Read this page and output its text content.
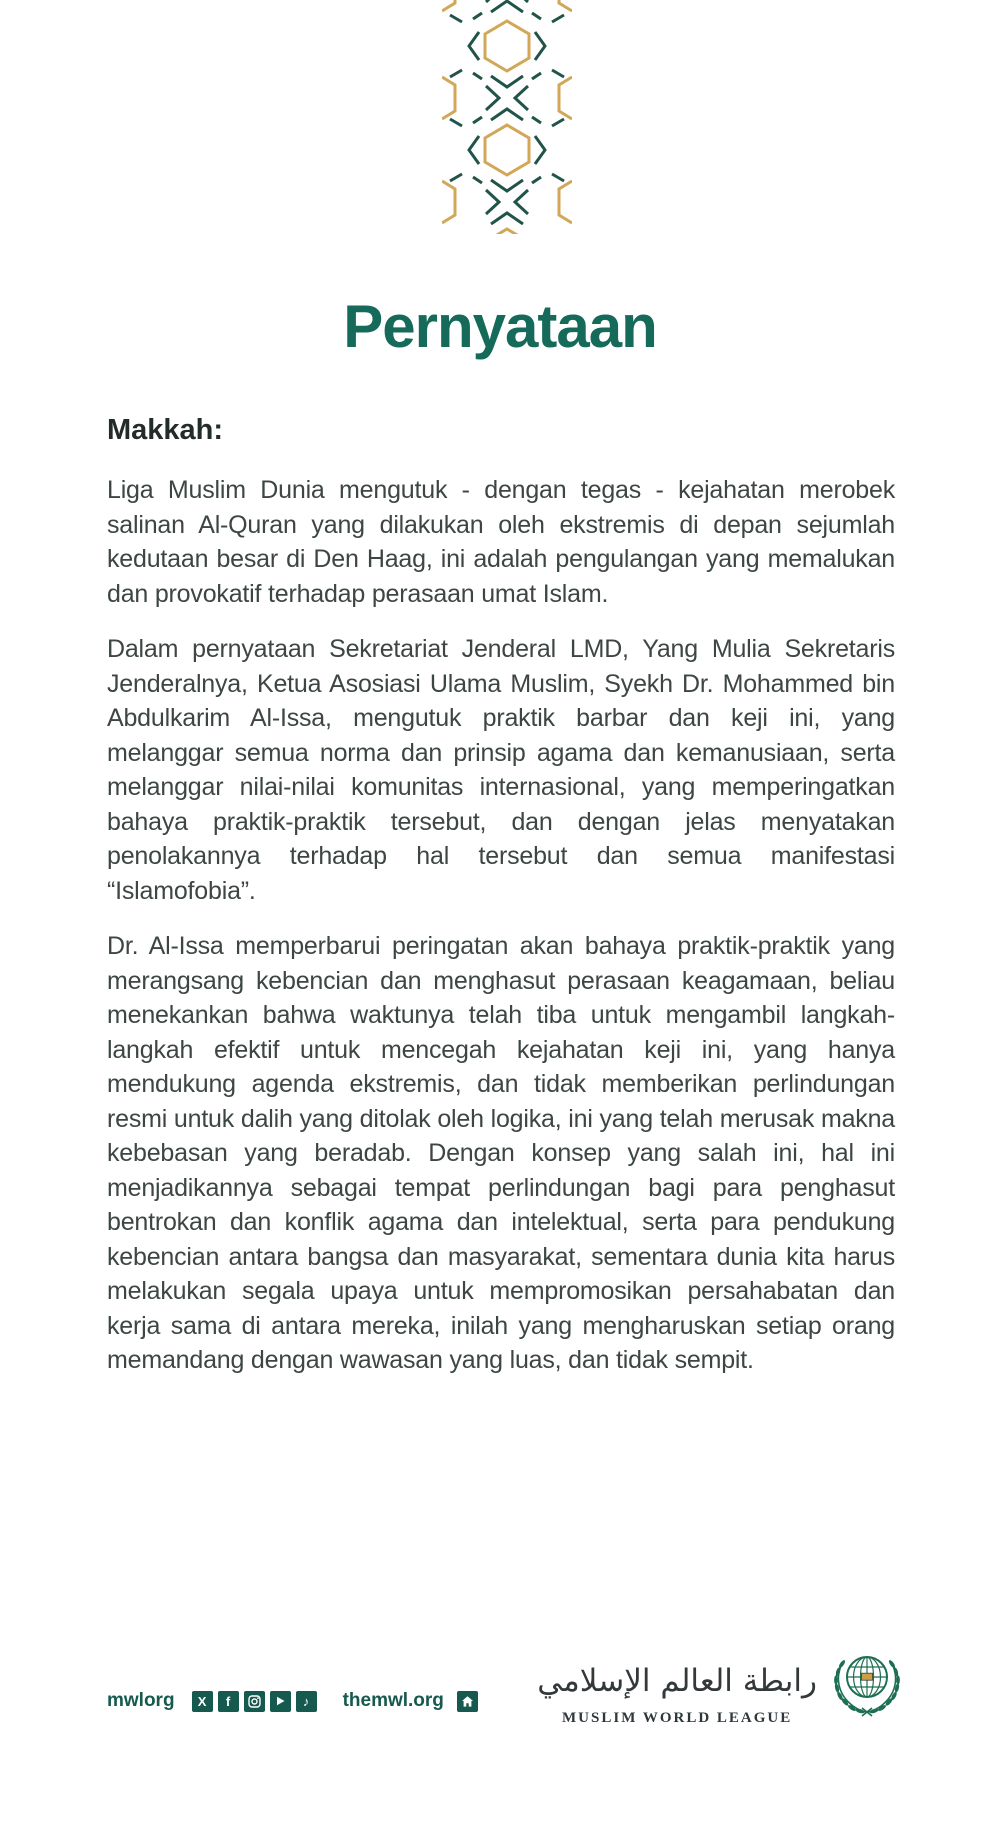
Pernyataan
Makkah:

Liga Muslim Dunia mengutuk - dengan tegas - kejahatan merobek salinan Al-Quran yang dilakukan oleh ekstremis di depan sejumlah kedutaan besar di Den Haag, ini adalah pengulangan yang memalukan dan provokatif terhadap perasaan umat Islam.

Dalam pernyataan Sekretariat Jenderal LMD, Yang Mulia Sekretaris Jenderalnya, Ketua Asosiasi Ulama Muslim, Syekh Dr. Mohammed bin Abdulkarim Al-Issa, mengutuk praktik barbar dan keji ini, yang melanggar semua norma dan prinsip agama dan kemanusiaan, serta melanggar nilai-nilai komunitas internasional, yang memperingatkan bahaya praktik-praktik tersebut, dan dengan jelas menyatakan penolakannya terhadap hal tersebut dan semua manifestasi “Islamofobia”.

Dr. Al-Issa memperbarui peringatan akan bahaya praktik-praktik yang merangsang kebencian dan menghasut perasaan keagamaan, beliau menekankan bahwa waktunya telah tiba untuk mengambil langkah-langkah efektif untuk mencegah kejahatan keji ini, yang hanya mendukung agenda ekstremis, dan tidak memberikan perlindungan resmi untuk dalih yang ditolak oleh logika, ini yang telah merusak makna kebebasan yang beradab. Dengan konsep yang salah ini, hal ini menjadikannya sebagai tempat perlindungan bagi para penghasut bentrokan dan konflik agama dan intelektual, serta para pendukung kebencian antara bangsa dan masyarakat, sementara dunia kita harus melakukan segala upaya untuk mempromosikan persahabatan dan kerja sama di antara mereka, inilah yang mengharuskan setiap orang memandang dengan wawasan yang luas, dan tidak sempit.

mwlorg X f	♪ themwl.org
رابطة العالم الإسلامي
MUSLIM WORLD LEAGUE
